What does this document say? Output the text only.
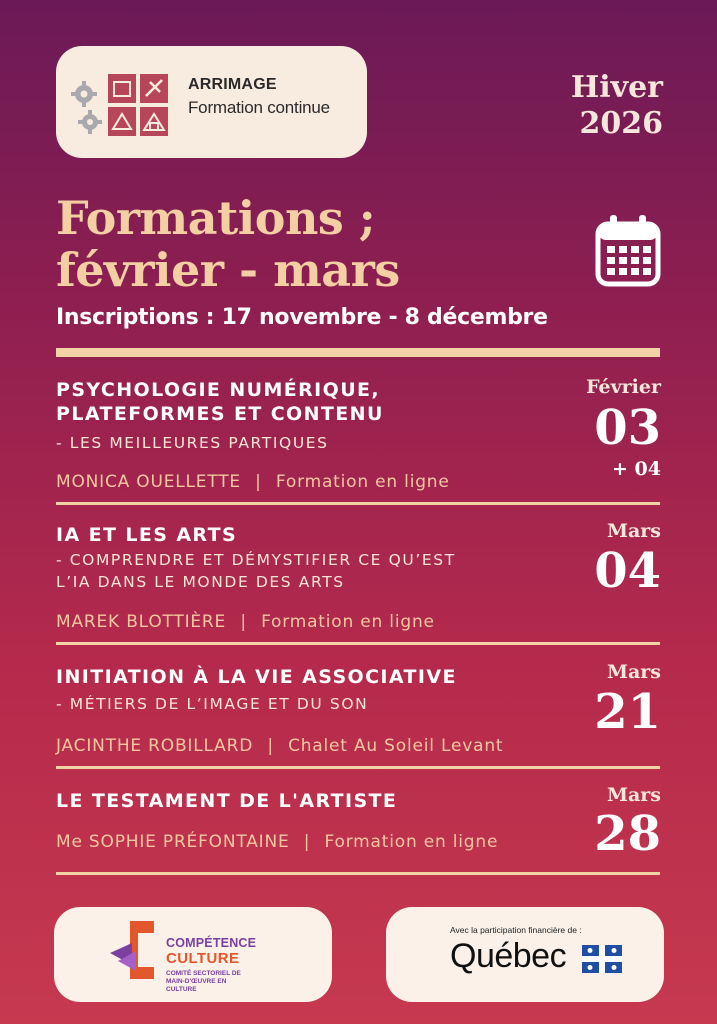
ARRIMAGE
Formation continue
Hiver
2026
Formations ;
février - mars
Inscriptions : 17 novembre - 8 décembre
PSYCHOLOGIE NUMÉRIQUE,
PLATEFORMES ET CONTENU
- LES MEILLEURES PARTIQUES
MONICA OUELLETTE | Formation en ligne
Février
03
+ 04
IA ET LES ARTS
- COMPRENDRE ET DÉMYSTIFIER CE QU’EST
L’IA DANS LE MONDE DES ARTS
MAREK BLOTTIÈRE | Formation en ligne
Mars
04
INITIATION À LA VIE ASSOCIATIVE
- MÉTIERS DE L’IMAGE ET DU SON
JACINTHE ROBILLARD | Chalet Au Soleil Levant
Mars
21
LE TESTAMENT DE L'ARTISTE
Me SOPHIE PRÉFONTAINE | Formation en ligne
Mars
28
COMPÉTENCE
CULTURE
COMITÉ SECTORIEL DE MAIN-D'ŒUVRE EN CULTURE
Avec la participation financière de :
Québec
